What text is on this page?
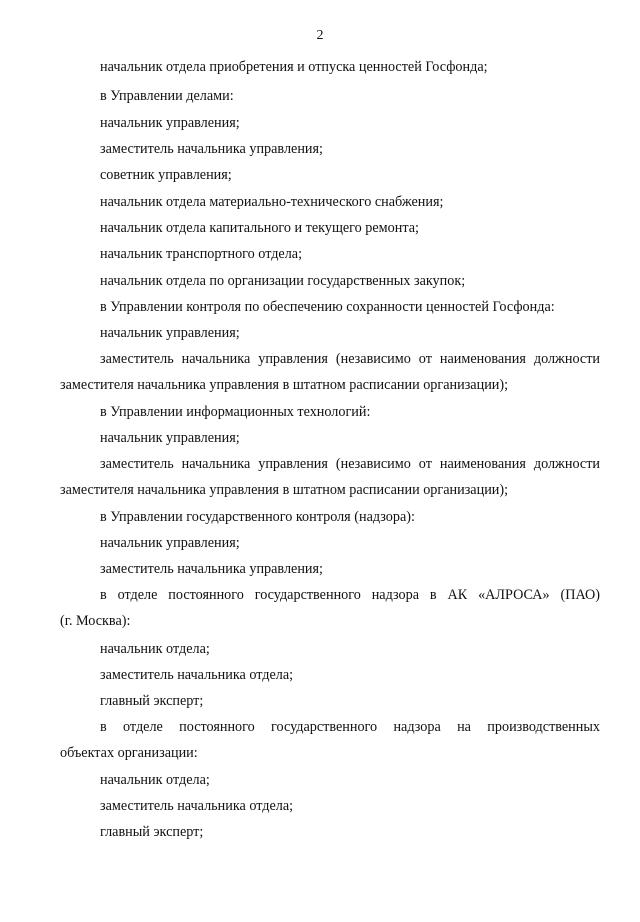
2
начальник отдела приобретения и отпуска ценностей Госфонда;
в Управлении делами:
начальник управления;
заместитель начальника управления;
советник управления;
начальник отдела материально-технического снабжения;
начальник отдела капитального и текущего ремонта;
начальник транспортного отдела;
начальник отдела по организации государственных закупок;
в Управлении контроля по обеспечению сохранности ценностей Госфонда:
начальник управления;
заместитель начальника управления (независимо от наименования должности
заместителя начальника управления в штатном расписании организации);
в Управлении информационных технологий:
начальник управления;
заместитель начальника управления (независимо от наименования должности
заместителя начальника управления в штатном расписании организации);
в Управлении государственного контроля (надзора):
начальник управления;
заместитель начальника управления;
в отделе постоянного государственного надзора в АК «АЛРОСА» (ПАО)
(г. Москва):
начальник отдела;
заместитель начальника отдела;
главный эксперт;
в отделе постоянного государственного надзора на производственных
объектах организации:
начальник отдела;
заместитель начальника отдела;
главный эксперт;
